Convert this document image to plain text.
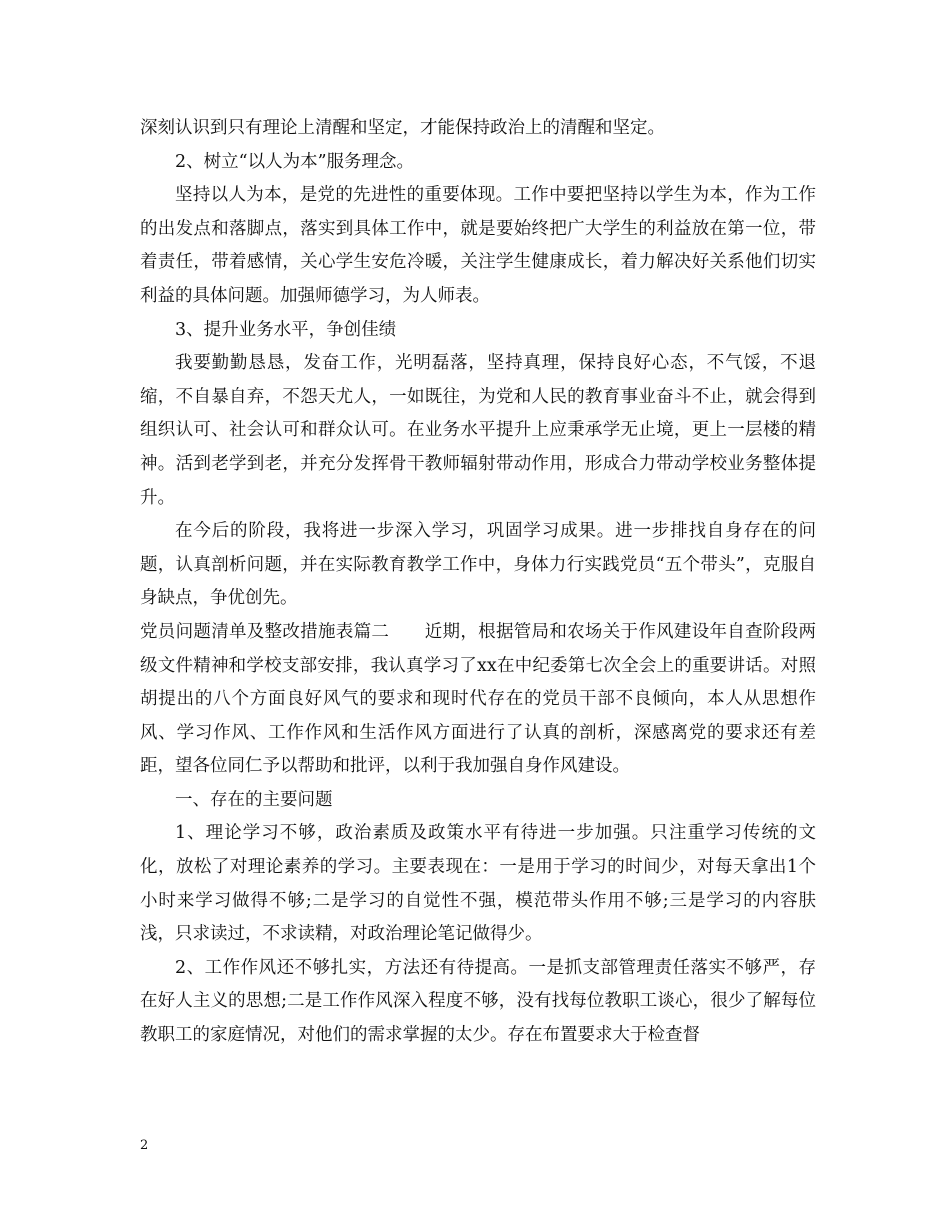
深刻认识到只有理论上清醒和坚定，才能保持政治上的清醒和坚定。

2、树立“以人为本”服务理念。

坚持以人为本，是党的先进性的重要体现。工作中要把坚持以学生为本，作为工作的出发点和落脚点，落实到具体工作中，就是要始终把广大学生的利益放在第一位，带着责任，带着感情，关心学生安危冷暖，关注学生健康成长，着力解决好关系他们切实利益的具体问题。加强师德学习，为人师表。

3、提升业务水平，争创佳绩

我要勤勤恳恳，发奋工作，光明磊落，坚持真理，保持良好心态，不气馁，不退缩，不自暴自弃，不怨天尤人，一如既往，为党和人民的教育事业奋斗不止，就会得到组织认可、社会认可和群众认可。在业务水平提升上应秉承学无止境，更上一层楼的精神。活到老学到老，并充分发挥骨干教师辐射带动作用，形成合力带动学校业务整体提升。

在今后的阶段，我将进一步深入学习，巩固学习成果。进一步排找自身存在的问题，认真剖析问题，并在实际教育教学工作中，身体力行实践党员“五个带头”，克服自身缺点，争优创先。

党员问题清单及整改措施表篇二　　近期，根据管局和农场关于作风建设年自查阶段两级文件精神和学校支部安排，我认真学习了xx在中纪委第七次全会上的重要讲话。对照胡提出的八个方面良好风气的要求和现时代存在的党员干部不良倾向，本人从思想作风、学习作风、工作作风和生活作风方面进行了认真的剖析，深感离党的要求还有差距，望各位同仁予以帮助和批评，以利于我加强自身作风建设。

一、存在的主要问题

1、理论学习不够，政治素质及政策水平有待进一步加强。只注重学习传统的文化，放松了对理论素养的学习。主要表现在：一是用于学习的时间少，对每天拿出1个小时来学习做得不够;二是学习的自觉性不强，模范带头作用不够;三是学习的内容肤浅，只求读过，不求读精，对政治理论笔记做得少。

2、工作作风还不够扎实，方法还有待提高。一是抓支部管理责任落实不够严，存在好人主义的思想;二是工作作风深入程度不够，没有找每位教职工谈心，很少了解每位教职工的家庭情况，对他们的需求掌握的太少。存在布置要求大于检查督

2
